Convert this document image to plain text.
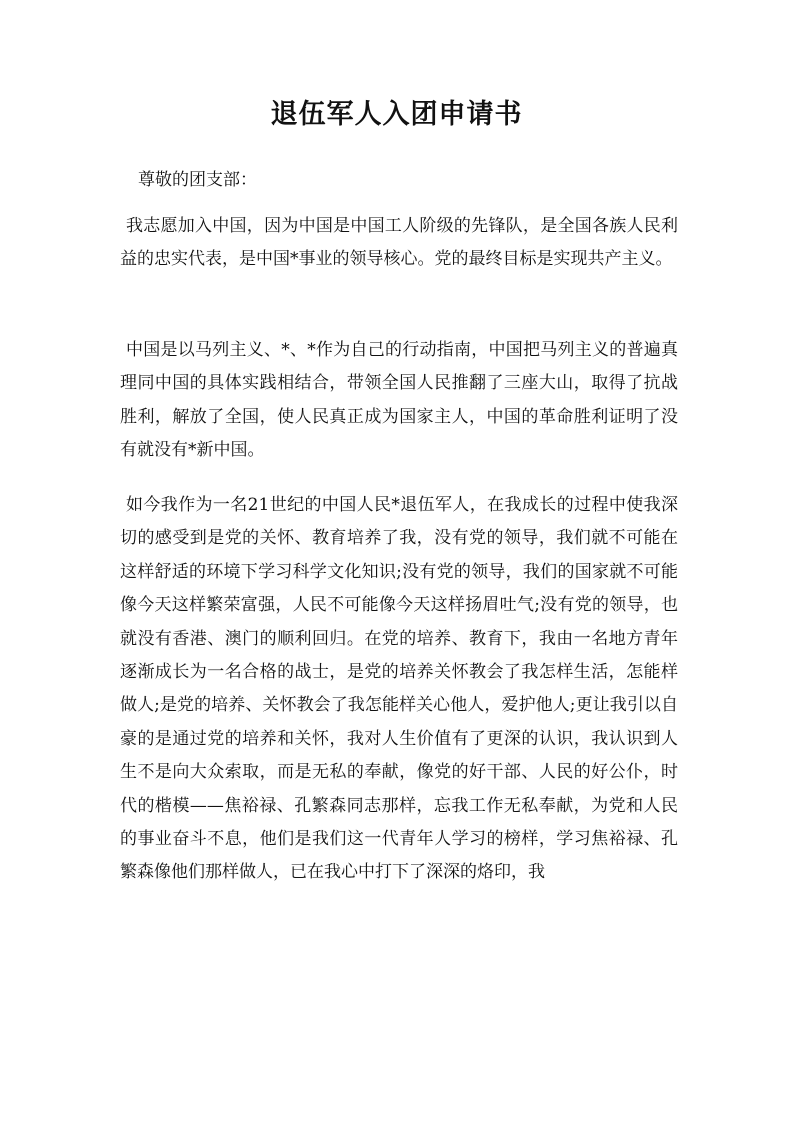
退伍军人入团申请书

尊敬的团支部：

我志愿加入中国，因为中国是中国工人阶级的先锋队，是全国各族人民利益的忠实代表，是中国*事业的领导核心。党的最终目标是实现共产主义。

中国是以马列主义、*、*作为自己的行动指南，中国把马列主义的普遍真理同中国的具体实践相结合，带领全国人民推翻了三座大山，取得了抗战胜利，解放了全国，使人民真正成为国家主人，中国的革命胜利证明了没有就没有*新中国。

如今我作为一名21世纪的中国人民*退伍军人，在我成长的过程中使我深切的感受到是党的关怀、教育培养了我，没有党的领导，我们就不可能在这样舒适的环境下学习科学文化知识;没有党的领导，我们的国家就不可能像今天这样繁荣富强，人民不可能像今天这样扬眉吐气;没有党的领导，也就没有香港、澳门的顺利回归。在党的培养、教育下，我由一名地方青年逐渐成长为一名合格的战士，是党的培养关怀教会了我怎样生活，怎能样做人;是党的培养、关怀教会了我怎能样关心他人，爱护他人;更让我引以自豪的是通过党的培养和关怀，我对人生价值有了更深的认识，我认识到人生不是向大众索取，而是无私的奉献，像党的好干部、人民的好公仆，时代的楷模——焦裕禄、孔繁森同志那样，忘我工作无私奉献，为党和人民的事业奋斗不息，他们是我们这一代青年人学习的榜样，学习焦裕禄、孔繁森像他们那样做人，已在我心中打下了深深的烙印，我
